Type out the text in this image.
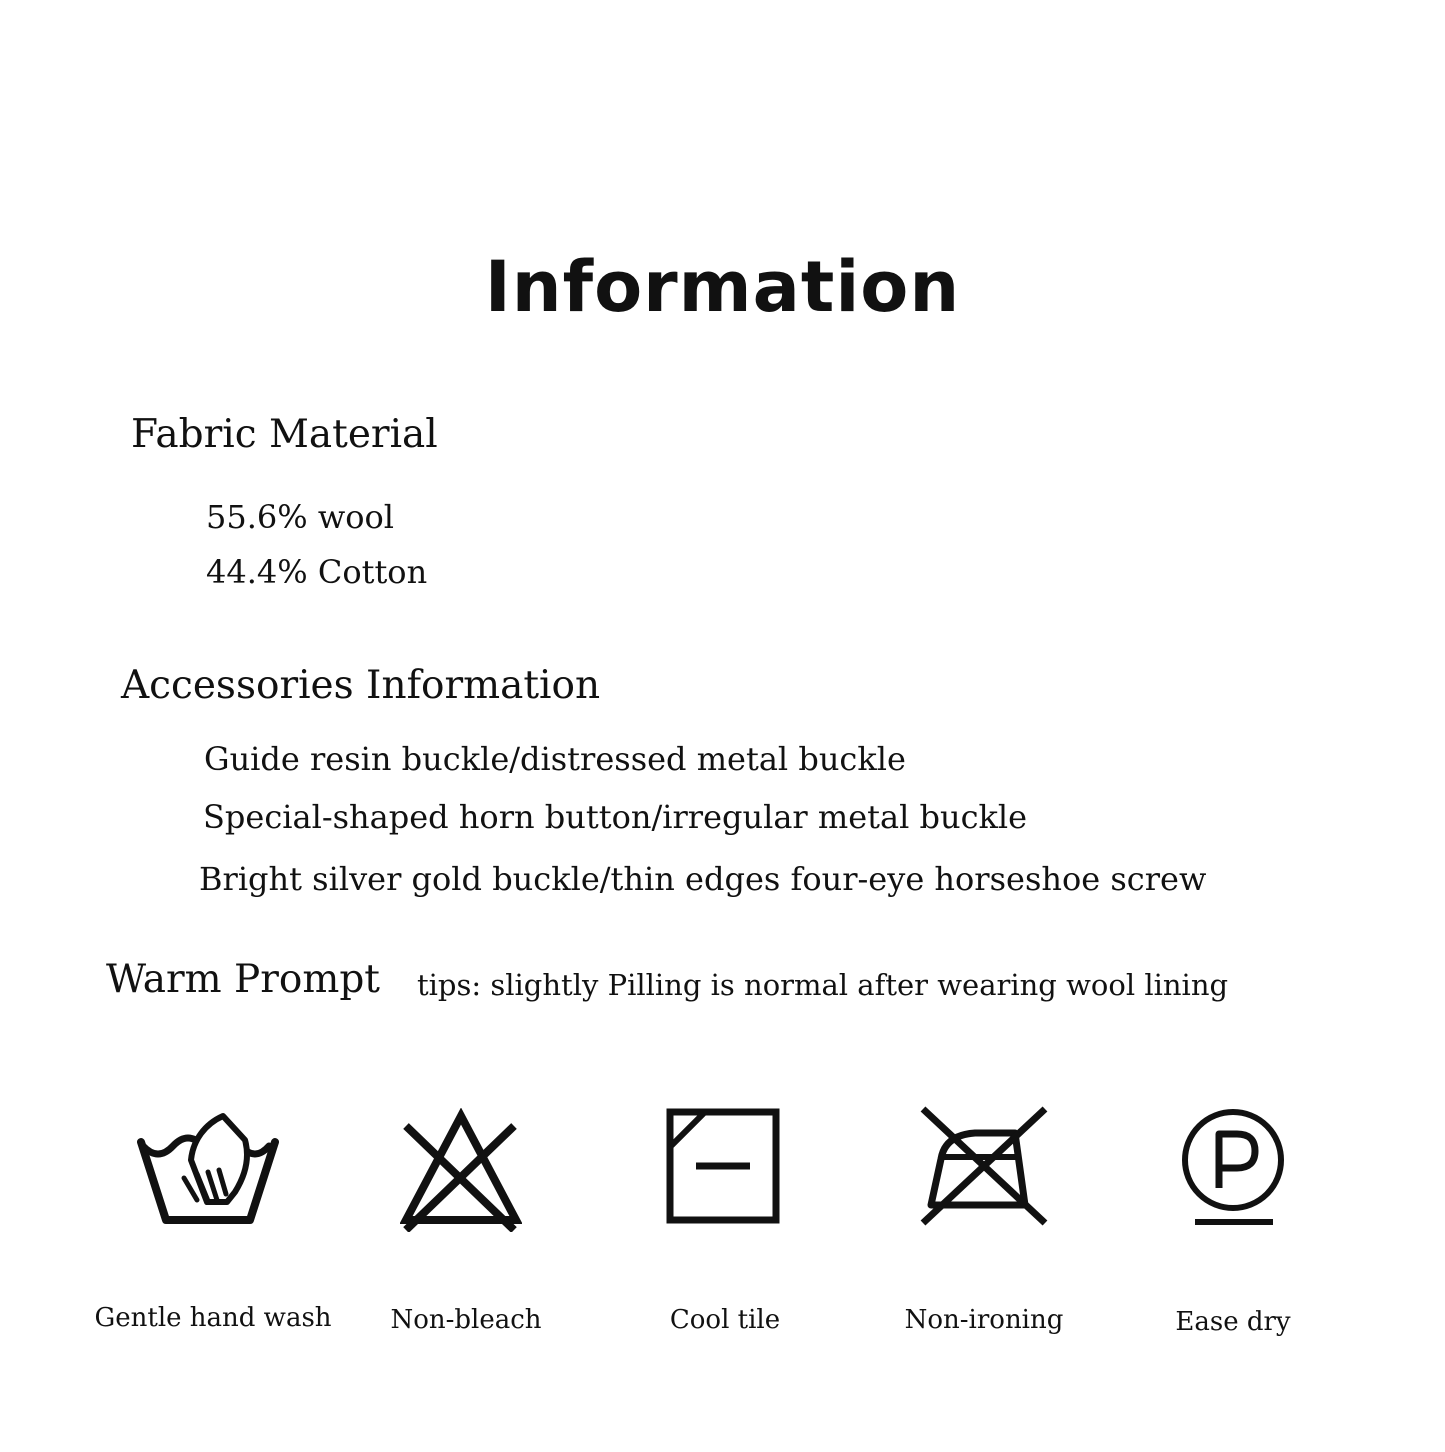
Information
Fabric Material

55.6% wool

44.4% Cotton

Accessories Information

Guide resin buckle/distressed metal buckle

Special-shaped horn button/irregular metal buckle

Bright silver gold buckle/thin edges four-eye horseshoe screw

Warm Prompt tips: slightly Pilling is normal after wearing wool lining
Gentle hand wash	Non-bleach	Cool tile	Non-ironing	Ease dry
